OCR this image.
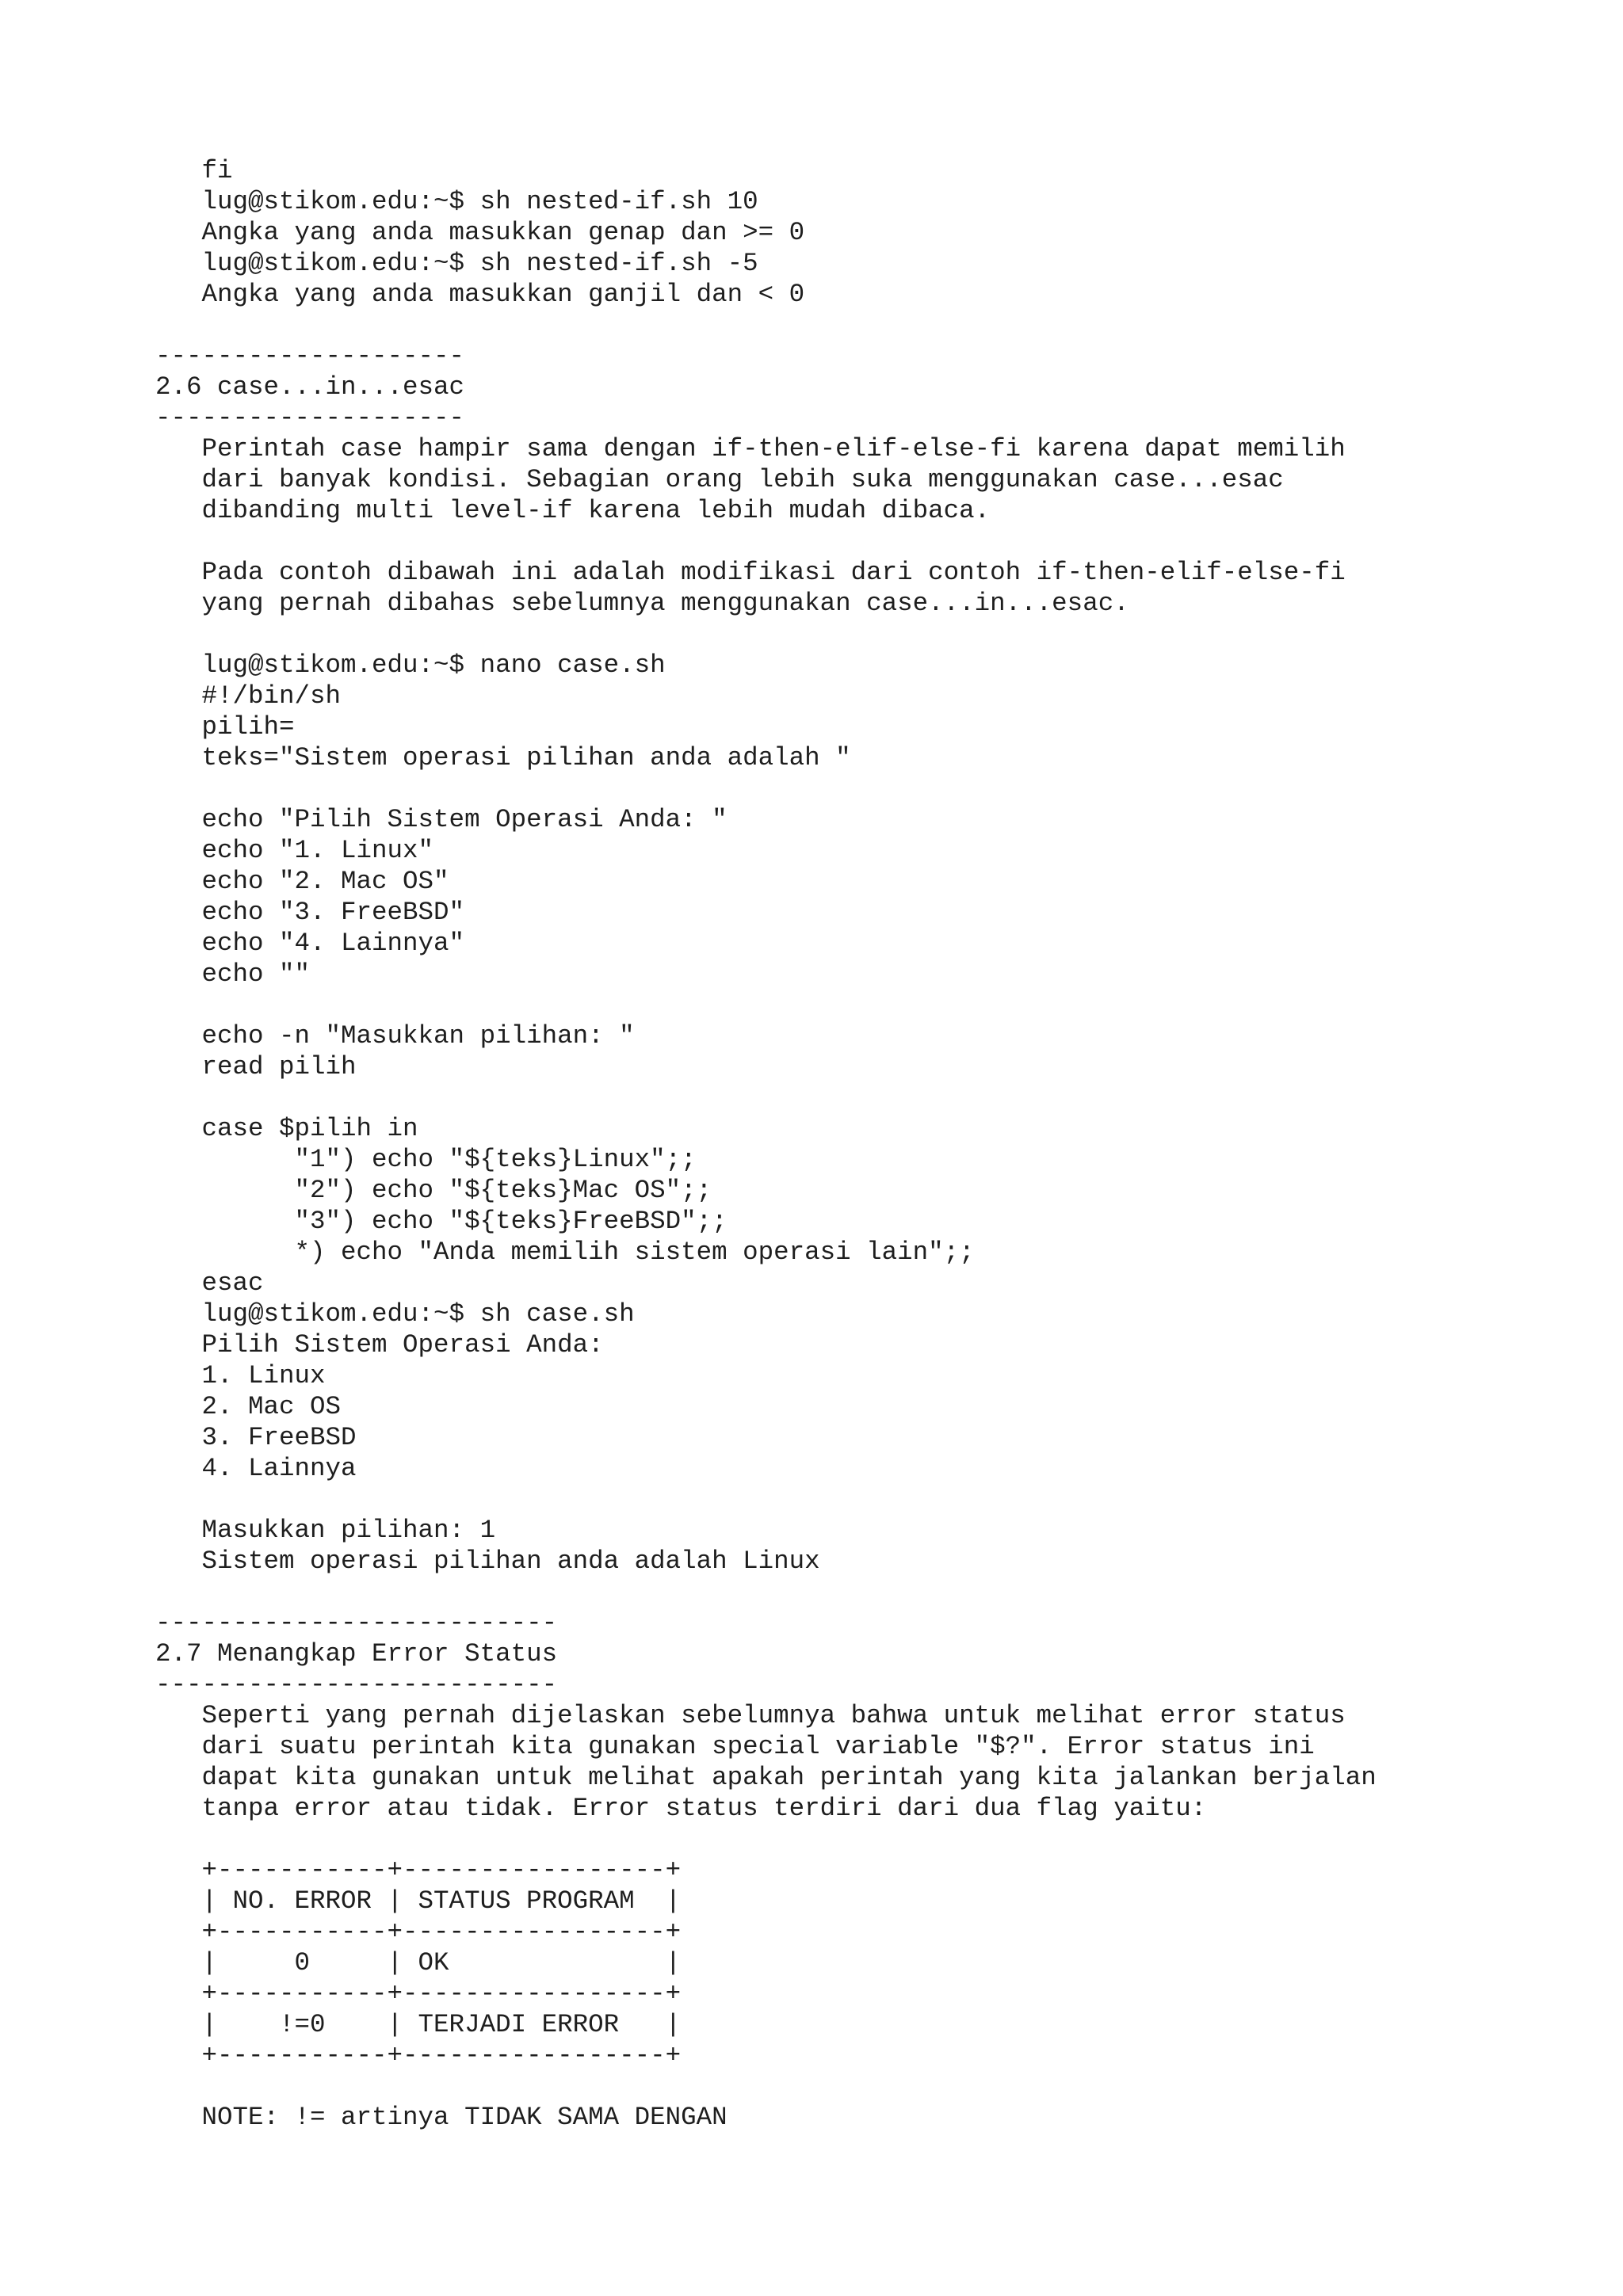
fi
lug@stikom.edu:~$ sh nested-if.sh 10
Angka yang anda masukkan genap dan >= 0
lug@stikom.edu:~$ sh nested-if.sh -5
Angka yang anda masukkan ganjil dan < 0
--------------------
2.6 case...in...esac
--------------------
Perintah case hampir sama dengan if-then-elif-else-fi karena dapat memilih
dari banyak kondisi. Sebagian orang lebih suka menggunakan case...esac
dibanding multi level-if karena lebih mudah dibaca.
Pada contoh dibawah ini adalah modifikasi dari contoh if-then-elif-else-fi
yang pernah dibahas sebelumnya menggunakan case...in...esac.
lug@stikom.edu:~$ nano case.sh
#!/bin/sh
pilih=
teks="Sistem operasi pilihan anda adalah "
echo "Pilih Sistem Operasi Anda: "
echo "1. Linux"
echo "2. Mac OS"
echo "3. FreeBSD"
echo "4. Lainnya"
echo ""
echo -n "Masukkan pilihan: "
read pilih
case $pilih in
"1") echo "${teks}Linux";;
"2") echo "${teks}Mac OS";;
"3") echo "${teks}FreeBSD";;
*) echo "Anda memilih sistem operasi lain";;
esac
lug@stikom.edu:~$ sh case.sh
Pilih Sistem Operasi Anda:
1. Linux
2. Mac OS
3. FreeBSD
4. Lainnya
Masukkan pilihan: 1
Sistem operasi pilihan anda adalah Linux
--------------------------
2.7 Menangkap Error Status
--------------------------
Seperti yang pernah dijelaskan sebelumnya bahwa untuk melihat error status
dari suatu perintah kita gunakan special variable "$?". Error status ini
dapat kita gunakan untuk melihat apakah perintah yang kita jalankan berjalan
tanpa error atau tidak. Error status terdiri dari dua flag yaitu:
+-----------+-----------------+
| NO. ERROR | STATUS PROGRAM  |
+-----------+-----------------+
|     0     | OK              |
+-----------+-----------------+
|    !=0    | TERJADI ERROR   |
+-----------+-----------------+
NOTE: != artinya TIDAK SAMA DENGAN
